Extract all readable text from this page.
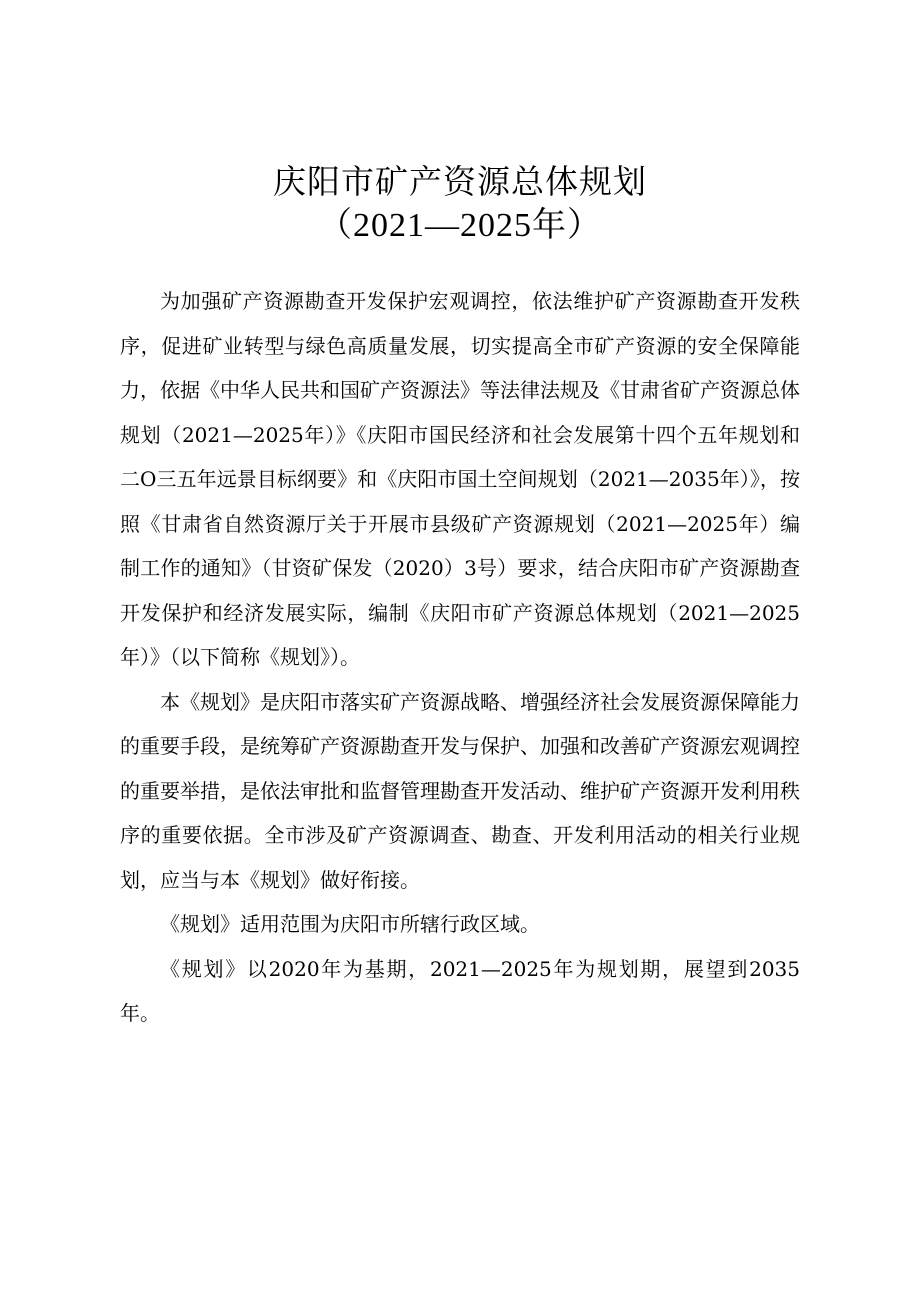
庆阳市矿产资源总体规划
（2021—2025年）

为加强矿产资源勘查开发保护宏观调控，依法维护矿产资源勘查开发秩序，促进矿业转型与绿色高质量发展，切实提高全市矿产资源的安全保障能力，依据《中华人民共和国矿产资源法》等法律法规及《甘肃省矿产资源总体规划（2021—2025年）》《庆阳市国民经济和社会发展第十四个五年规划和二O三五年远景目标纲要》和《庆阳市国土空间规划（2021—2035年）》，按照《甘肃省自然资源厅关于开展市县级矿产资源规划（2021—2025年）编制工作的通知》（甘资矿保发（2020）3号）要求，结合庆阳市矿产资源勘查开发保护和经济发展实际，编制《庆阳市矿产资源总体规划（2021—2025年）》（以下简称《规划》）。

本《规划》是庆阳市落实矿产资源战略、增强经济社会发展资源保障能力的重要手段，是统筹矿产资源勘查开发与保护、加强和改善矿产资源宏观调控的重要举措，是依法审批和监督管理勘查开发活动、维护矿产资源开发利用秩序的重要依据。全市涉及矿产资源调查、勘查、开发利用活动的相关行业规划，应当与本《规划》做好衔接。

《规划》适用范围为庆阳市所辖行政区域。

《规划》以2020年为基期，2021—2025年为规划期，展望到2035年。
